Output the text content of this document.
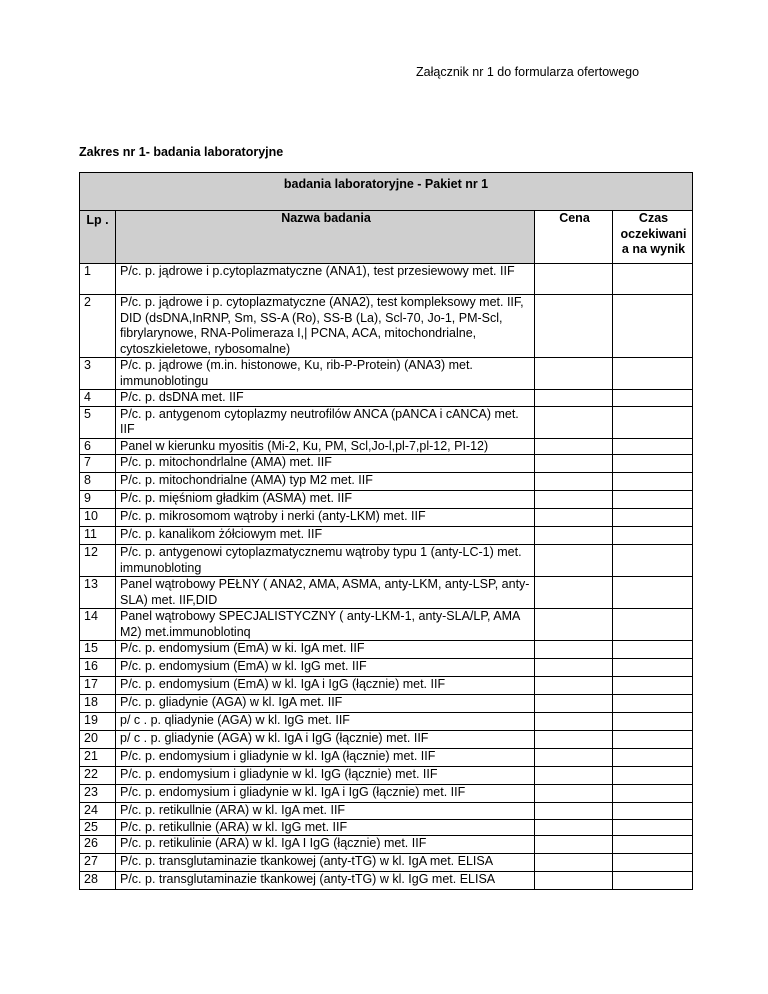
Załącznik nr 1 do formularza ofertowego
Zakres nr 1- badania laboratoryjne
badania laboratoryjne - Pakiet nr 1			
Lp .	Nazwa badania	Cena	Czas oczekiwani a na wynik
1	P/c. p. jądrowe i p.cytoplazmatyczne (ANA1), test przesiewowy met. IIF		
2	P/c. p. jądrowe i p. cytoplazmatyczne (ANA2), test kompleksowy met. IIF, DID (dsDNA,InRNP, Sm, SS-A (Ro), SS-B (La), Scl-70, Jo-1, PM-Scl, fibrylarynowe, RNA-Polimeraza I,| PCNA, ACA, mitochondrialne, cytoszkieletowe, rybosomalne)		
3	P/c. p. jądrowe (m.in. histonowe, Ku, rib-P-Protein) (ANA3) met. immunoblotingu		
4	P/c. p. dsDNA met. IIF		
5	P/c. p. antygenom cytoplazmy neutrofilów ANCA (pANCA i cANCA) met. IIF		
6	Panel w kierunku myositis (Mi-2, Ku, PM, Scl,Jo-l,pl-7,pl-12, PI-12)		
7	P/c. p. mitochondrlalne (AMA) met. IIF		
8	P/c. p. mitochondrialne (AMA) typ M2 met. IIF		
9	P/c. p. mięśniom gładkim (ASMA) met. IIF		
10	P/c. p. mikrosomom wątroby i nerki (anty-LKM) met. IIF		
11	P/c. p. kanalikom żółciowym met. IIF		
12	P/c. p. antygenowi cytoplazmatycznemu wątroby typu 1 (anty-LC-1) met. immunobloting		
13	Panel wątrobowy PEŁNY ( ANA2, AMA, ASMA, anty-LKM, anty-LSP, anty-SLA) met. IIF,DID		
14	Panel wątrobowy SPECJALISTYCZNY ( anty-LKM-1, anty-SLA/LP, AMA M2) met.immunoblotinq		
15	P/c. p. endomysium (EmA) w ki. IgA met. IIF		
16	P/c. p. endomysium (EmA) w kl. IgG met. IIF		
17	P/c. p. endomysium (EmA) w kl. IgA i IgG (łącznie) met. IIF		
18	P/c. p. gliadynie (AGA) w kl. IgA met. IIF		
19	p/ c . p. qliadynie (AGA) w kl. IgG met. IIF		
20	p/ c . p. gliadynie (AGA) w kl. IgA i IgG (łącznie) met. IIF		
21	P/c. p. endomysium i gliadynie w kl. IgA (łącznie) met. IIF		
22	P/c. p. endomysium i gliadynie w kl. IgG (łącznie) met. IIF		
23	P/c. p. endomysium i gliadynie w kl. IgA i IgG (łącznie) met. IIF		
24	P/c. p. retikullnie (ARA) w kl. IgA met. IIF		
25	P/c. p. retikullnie (ARA) w kl. IgG met. IIF		
26	P/c. p. retikulinie (ARA) w kl. IgA I IgG (łącznie) met. IIF		
27	P/c. p. transglutaminazie tkankowej (anty-tTG) w kl. IgA met. ELISA		
28	P/c. p. transglutaminazie tkankowej (anty-tTG) w kl. IgG met. ELISA		
